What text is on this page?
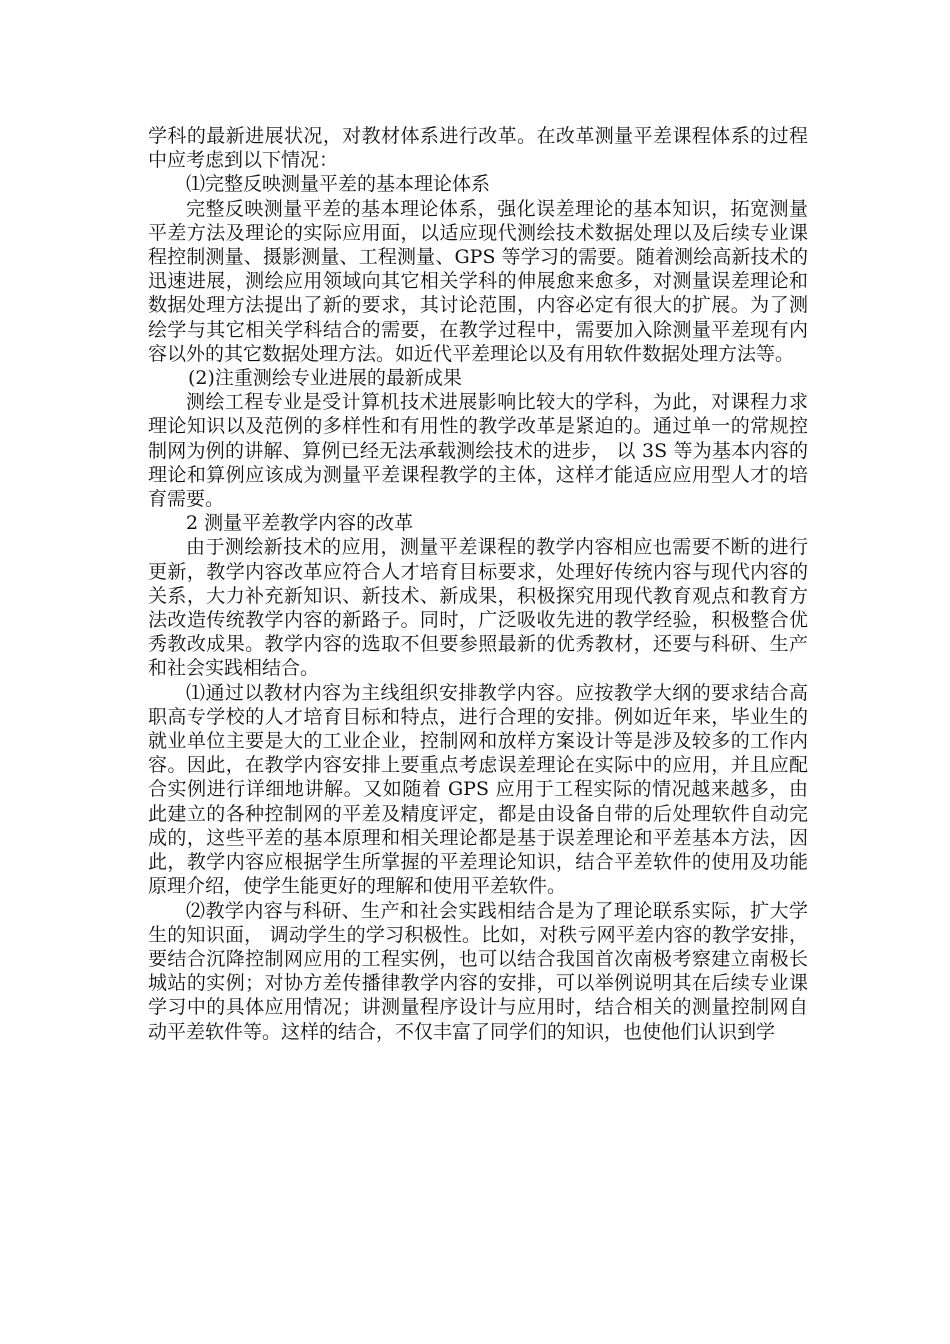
学科的最新进展状况，对教材体系进行改革。在改革测量平差课程体系的过程中应考虑到以下情况：

⑴完整反映测量平差的基本理论体系

完整反映测量平差的基本理论体系，强化误差理论的基本知识，拓宽测量平差方法及理论的实际应用面，以适应现代测绘技术数据处理以及后续专业课程控制测量、摄影测量、工程测量、GPS 等学习的需要。随着测绘高新技术的迅速进展，测绘应用领域向其它相关学科的伸展愈来愈多，对测量误差理论和数据处理方法提出了新的要求，其讨论范围，内容必定有很大的扩展。为了测绘学与其它相关学科结合的需要，在教学过程中，需要加入除测量平差现有内容以外的其它数据处理方法。如近代平差理论以及有用软件数据处理方法等。

(2)注重测绘专业进展的最新成果

测绘工程专业是受计算机技术进展影响比较大的学科，为此，对课程力求理论知识以及范例的多样性和有用性的教学改革是紧迫的。通过单一的常规控制网为例的讲解、算例已经无法承载测绘技术的进步， 以 3S 等为基本内容的理论和算例应该成为测量平差课程教学的主体，这样才能适应应用型人才的培育需要。

2 测量平差教学内容的改革

由于测绘新技术的应用，测量平差课程的教学内容相应也需要不断的进行更新，教学内容改革应符合人才培育目标要求，处理好传统内容与现代内容的关系，大力补充新知识、新技术、新成果，积极探究用现代教育观点和教育方法改造传统教学内容的新路子。同时，广泛吸收先进的教学经验，积极整合优秀教改成果。教学内容的选取不但要参照最新的优秀教材，还要与科研、生产和社会实践相结合。

⑴通过以教材内容为主线组织安排教学内容。应按教学大纲的要求结合高职高专学校的人才培育目标和特点，进行合理的安排。例如近年来，毕业生的就业单位主要是大的工业企业，控制网和放样方案设计等是涉及较多的工作内容。因此，在教学内容安排上要重点考虑误差理论在实际中的应用，并且应配合实例进行详细地讲解。又如随着 GPS 应用于工程实际的情况越来越多，由此建立的各种控制网的平差及精度评定，都是由设备自带的后处理软件自动完成的，这些平差的基本原理和相关理论都是基于误差理论和平差基本方法，因此，教学内容应根据学生所掌握的平差理论知识，结合平差软件的使用及功能原理介绍，使学生能更好的理解和使用平差软件。

⑵教学内容与科研、生产和社会实践相结合是为了理论联系实际，扩大学生的知识面， 调动学生的学习积极性。比如，对秩亏网平差内容的教学安排，要结合沉降控制网应用的工程实例，也可以结合我国首次南极考察建立南极长城站的实例；对协方差传播律教学内容的安排，可以举例说明其在后续专业课学习中的具体应用情况；讲测量程序设计与应用时，结合相关的测量控制网自动平差软件等。这样的结合，不仅丰富了同学们的知识，也使他们认识到学
